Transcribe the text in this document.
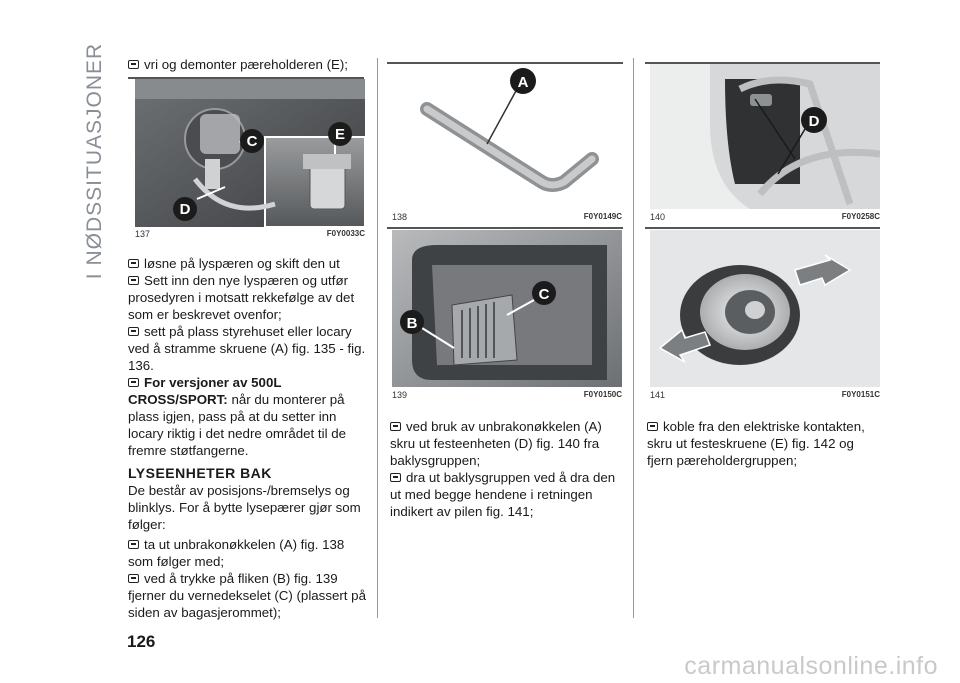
I NØDSSITUASJONER	vri og demonter pæreholderen (E);

C	E
D
137	F0Y0033C

løsne på lyspæren og skift den ut

Sett inn den nye lyspæren og utfør prosedyren i motsatt rekkefølge av det som er beskrevet ovenfor;

sett på plass styrehuset eller locary ved å stramme skruene (A) fig. 135 - fig. 136.

For versjoner av 500L CROSS/SPORT: når du monterer på plass igjen, pass på at du setter inn locary riktig i det nedre området til de fremre støtfangerne.

LYSEENHETER BAK

De består av posisjons-/bremselys og blinklys. For å bytte lysepærer gjør som følger:

ta ut unbrakonøkkelen (A) fig. 138 som følger med;

ved å trykke på fliken (B) fig. 139 fjerner du vernedekselet (C) (plassert på siden av bagasjerommet);

A
138	F0Y0149C
C
B
139	F0Y0150C

ved bruk av unbrakonøkkelen (A) skru ut festeenheten (D) fig. 140 fra baklysgruppen;

dra ut baklysgruppen ved å dra den ut med begge hendene i retningen indikert av pilen fig. 141;

D
140	F0Y0258C
141	F0Y0151C

koble fra den elektriske kontakten, skru ut festeskruene (E) fig. 142 og fjern pæreholdergruppen;

126
carmanualsonline.info
